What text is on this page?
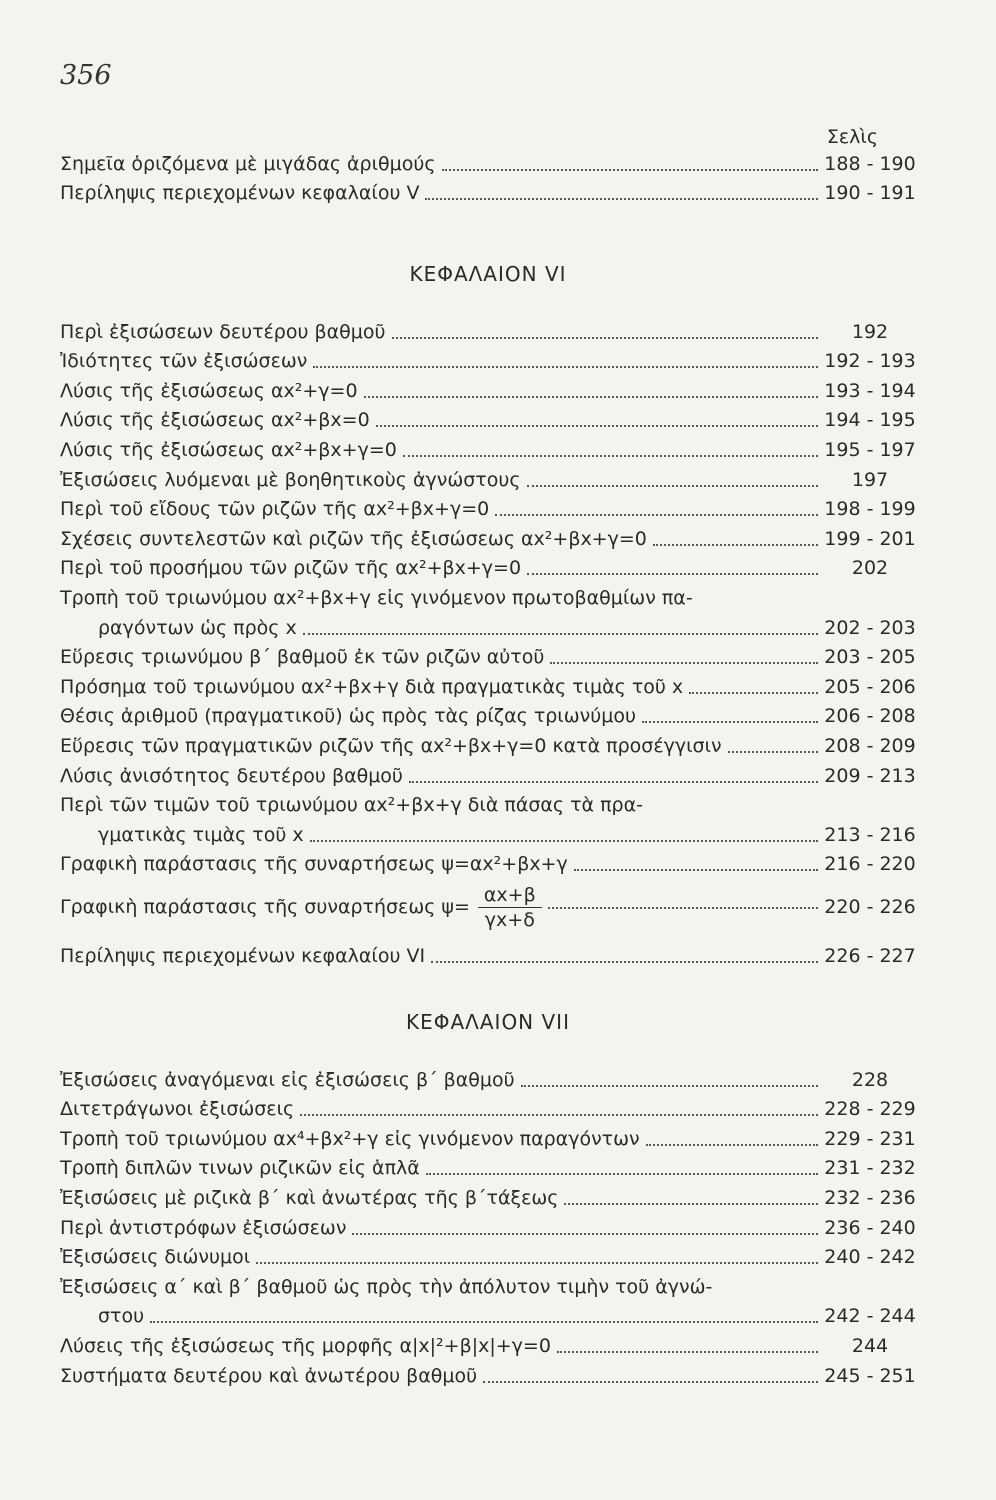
356
Σελὶς
Σημεῖα ὁριζόμενα μὲ μιγάδας ἀριθμούς	188 - 190
Περίληψις περιεχομένων κεφαλαίου V	190 - 191
ΚΕΦΑΛΑΙΟΝ VI
Περὶ ἐξισώσεων δευτέρου βαθμοῦ	192
Ἰδιότητες τῶν ἐξισώσεων	192 - 193
Λύσις τῆς ἐξισώσεως αx²+γ=0	193 - 194
Λύσις τῆς ἐξισώσεως αx²+βx=0	194 - 195
Λύσις τῆς ἐξισώσεως αx²+βx+γ=0	195 - 197
Ἐξισώσεις λυόμεναι μὲ βοηθητικοὺς ἀγνώστους	197
Περὶ τοῦ εἴδους τῶν ριζῶν τῆς αx²+βx+γ=0	198 - 199
Σχέσεις συντελεστῶν καὶ ριζῶν τῆς ἐξισώσεως αx²+βx+γ=0	199 - 201
Περὶ τοῦ προσήμου τῶν ριζῶν τῆς αx²+βx+γ=0	202
Τροπὴ τοῦ τριωνύμου αx²+βx+γ εἰς γινόμενον πρωτοβαθμίων πα-
ραγόντων ὡς πρὸς x	202 - 203
Εὕρεσις τριωνύμου β΄ βαθμοῦ ἐκ τῶν ριζῶν αὐτοῦ	203 - 205
Πρόσημα τοῦ τριωνύμου αx²+βx+γ διὰ πραγματικὰς τιμὰς τοῦ x	205 - 206
Θέσις ἀριθμοῦ (πραγματικοῦ) ὡς πρὸς τὰς ρίζας τριωνύμου	206 - 208
Εὕρεσις τῶν πραγματικῶν ριζῶν τῆς αx²+βx+γ=0 κατὰ προσέγγισιν	208 - 209
Λύσις ἀνισότητος δευτέρου βαθμοῦ	209 - 213
Περὶ τῶν τιμῶν τοῦ τριωνύμου αx²+βx+γ διὰ πάσας τὰ πρα-
γματικὰς τιμὰς τοῦ x	213 - 216
Γραφικὴ παράστασις τῆς συναρτήσεως ψ=αx²+βx+γ	216 - 220
Γραφικὴ παράστασις τῆς συναρτήσεως $\psi= \frac{\alpha x+\beta}{\gamma x+\delta}$	220 - 226
Περίληψις περιεχομένων κεφαλαίου VI	226 - 227
ΚΕΦΑΛΑΙΟΝ VII
Ἐξισώσεις ἀναγόμεναι εἰς ἐξισώσεις β΄ βαθμοῦ	228
Διτετράγωνοι ἐξισώσεις	228 - 229
Τροπὴ τοῦ τριωνύμου αx⁴+βx²+γ εἰς γινόμενον παραγόντων	229 - 231
Τροπὴ διπλῶν τινων ριζικῶν εἰς ἁπλᾶ	231 - 232
Ἐξισώσεις μὲ ριζικὰ β΄ καὶ ἀνωτέρας τῆς β΄τάξεως	232 - 236
Περὶ ἀντιστρόφων ἐξισώσεων	236 - 240
Ἐξισώσεις διώνυμοι	240 - 242
Ἐξισώσεις α΄ καὶ β΄ βαθμοῦ ὡς πρὸς τὴν ἀπόλυτον τιμὴν τοῦ ἀγνώ-
στου	242 - 244
Λύσεις τῆς ἐξισώσεως τῆς μορφῆς α|x|²+β|x|+γ=0	244
Συστήματα δευτέρου καὶ ἀνωτέρου βαθμοῦ	245 - 251
